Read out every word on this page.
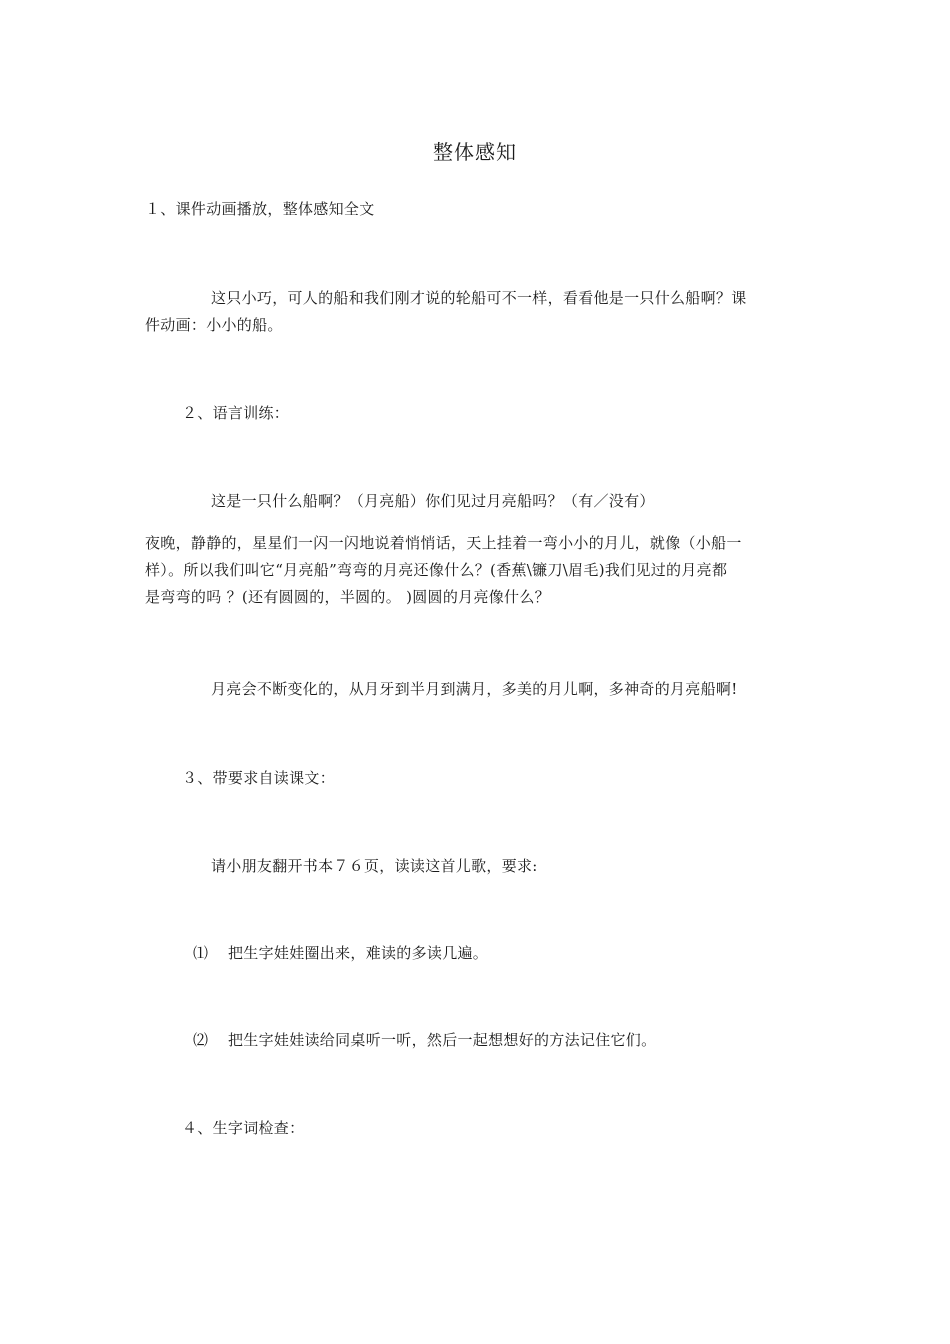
整体感知
１、课件动画播放，整体感知全文
这只小巧，可人的船和我们刚才说的轮船可不一样，看看他是一只什么船啊？课
件动画：小小的船。
２、语言训练：
这是一只什么船啊？（月亮船）你们见过月亮船吗？（有／没有）
夜晚，静静的，星星们一闪一闪地说着悄悄话，天上挂着一弯小小的月儿，就像（小船一
样）。所以我们叫它“月亮船”弯弯的月亮还像什么？(香蕉\镰刀\眉毛)我们见过的月亮都
是弯弯的吗 ？(还有圆圆的，半圆的。 )圆圆的月亮像什么？
月亮会不断变化的，从月牙到半月到满月，多美的月儿啊，多神奇的月亮船啊!
３、带要求自读课文：
请小朋友翻开书本７６页，读读这首儿歌，要求:
⑴ 把生字娃娃圈出来，难读的多读几遍。
⑵ 把生字娃娃读给同桌听一听，然后一起想想好的方法记住它们。
４、生字词检查：
